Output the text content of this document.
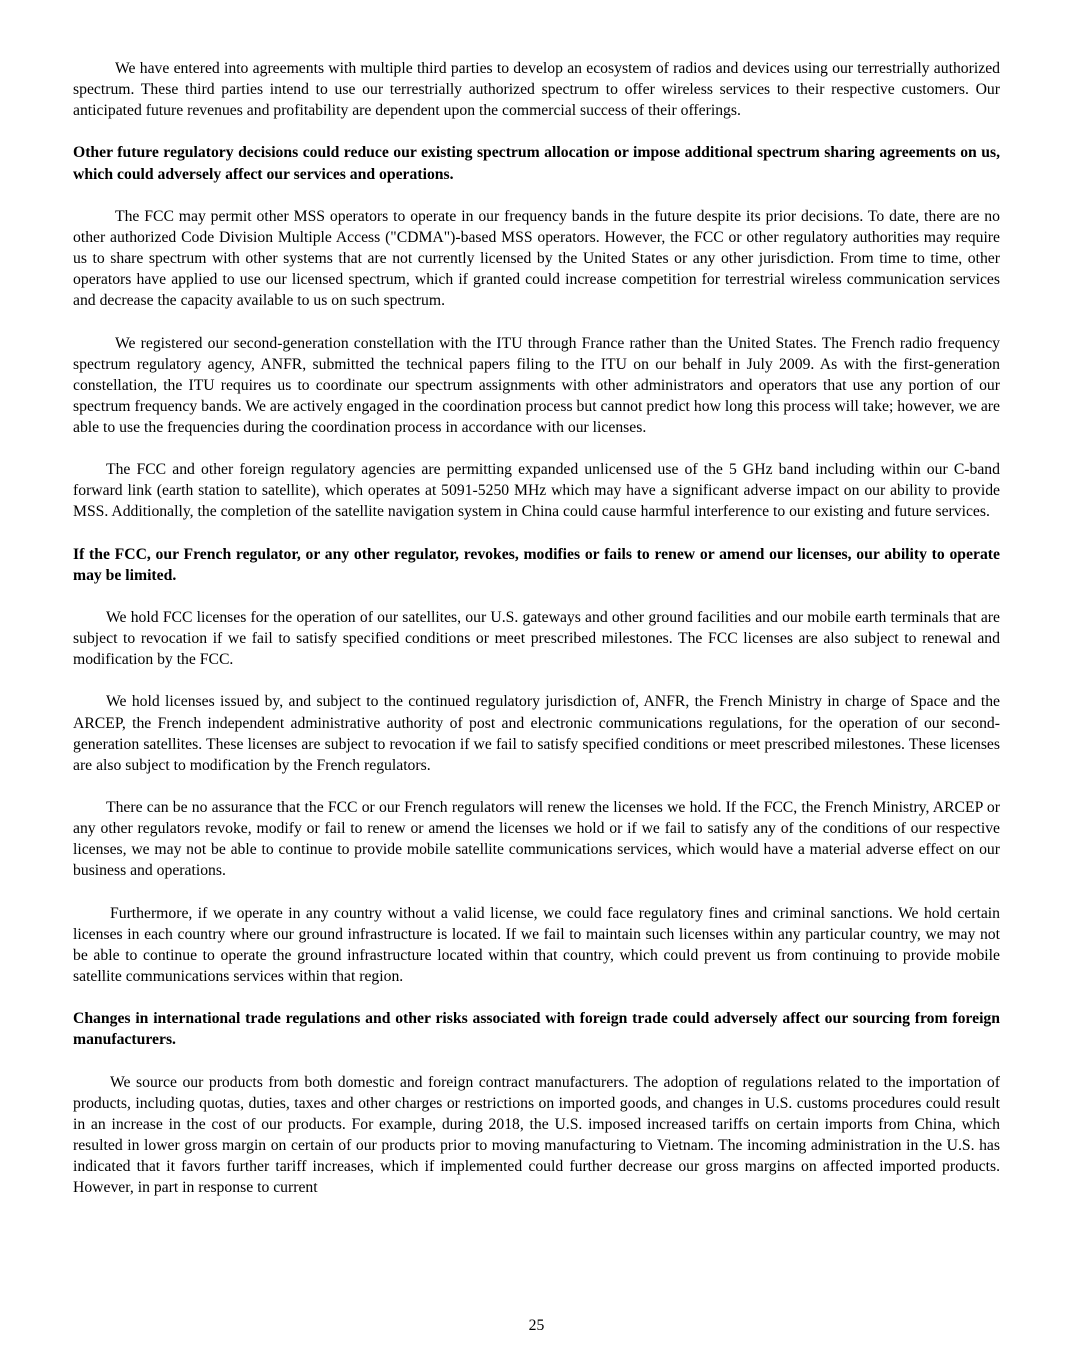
We have entered into agreements with multiple third parties to develop an ecosystem of radios and devices using our terrestrially authorized spectrum. These third parties intend to use our terrestrially authorized spectrum to offer wireless services to their respective customers. Our anticipated future revenues and profitability are dependent upon the commercial success of their offerings.

Other future regulatory decisions could reduce our existing spectrum allocation or impose additional spectrum sharing agreements on us, which could adversely affect our services and operations.

The FCC may permit other MSS operators to operate in our frequency bands in the future despite its prior decisions. To date, there are no other authorized Code Division Multiple Access ("CDMA")-based MSS operators. However, the FCC or other regulatory authorities may require us to share spectrum with other systems that are not currently licensed by the United States or any other jurisdiction. From time to time, other operators have applied to use our licensed spectrum, which if granted could increase competition for terrestrial wireless communication services and decrease the capacity available to us on such spectrum.

We registered our second-generation constellation with the ITU through France rather than the United States. The French radio frequency spectrum regulatory agency, ANFR, submitted the technical papers filing to the ITU on our behalf in July 2009. As with the first-generation constellation, the ITU requires us to coordinate our spectrum assignments with other administrators and operators that use any portion of our spectrum frequency bands. We are actively engaged in the coordination process but cannot predict how long this process will take; however, we are able to use the frequencies during the coordination process in accordance with our licenses.

The FCC and other foreign regulatory agencies are permitting expanded unlicensed use of the 5 GHz band including within our C-band forward link (earth station to satellite), which operates at 5091-5250 MHz which may have a significant adverse impact on our ability to provide MSS. Additionally, the completion of the satellite navigation system in China could cause harmful interference to our existing and future services.

If the FCC, our French regulator, or any other regulator, revokes, modifies or fails to renew or amend our licenses, our ability to operate may be limited.

We hold FCC licenses for the operation of our satellites, our U.S. gateways and other ground facilities and our mobile earth terminals that are subject to revocation if we fail to satisfy specified conditions or meet prescribed milestones. The FCC licenses are also subject to renewal and modification by the FCC.

We hold licenses issued by, and subject to the continued regulatory jurisdiction of, ANFR, the French Ministry in charge of Space and the ARCEP, the French independent administrative authority of post and electronic communications regulations, for the operation of our second-generation satellites. These licenses are subject to revocation if we fail to satisfy specified conditions or meet prescribed milestones. These licenses are also subject to modification by the French regulators.

There can be no assurance that the FCC or our French regulators will renew the licenses we hold. If the FCC, the French Ministry, ARCEP or any other regulators revoke, modify or fail to renew or amend the licenses we hold or if we fail to satisfy any of the conditions of our respective licenses, we may not be able to continue to provide mobile satellite communications services, which would have a material adverse effect on our business and operations.

Furthermore, if we operate in any country without a valid license, we could face regulatory fines and criminal sanctions. We hold certain licenses in each country where our ground infrastructure is located. If we fail to maintain such licenses within any particular country, we may not be able to continue to operate the ground infrastructure located within that country, which could prevent us from continuing to provide mobile satellite communications services within that region.

Changes in international trade regulations and other risks associated with foreign trade could adversely affect our sourcing from foreign manufacturers.

We source our products from both domestic and foreign contract manufacturers. The adoption of regulations related to the importation of products, including quotas, duties, taxes and other charges or restrictions on imported goods, and changes in U.S. customs procedures could result in an increase in the cost of our products. For example, during 2018, the U.S. imposed increased tariffs on certain imports from China, which resulted in lower gross margin on certain of our products prior to moving manufacturing to Vietnam. The incoming administration in the U.S. has indicated that it favors further tariff increases, which if implemented could further decrease our gross margins on affected imported products. However, in part in response to current

25
